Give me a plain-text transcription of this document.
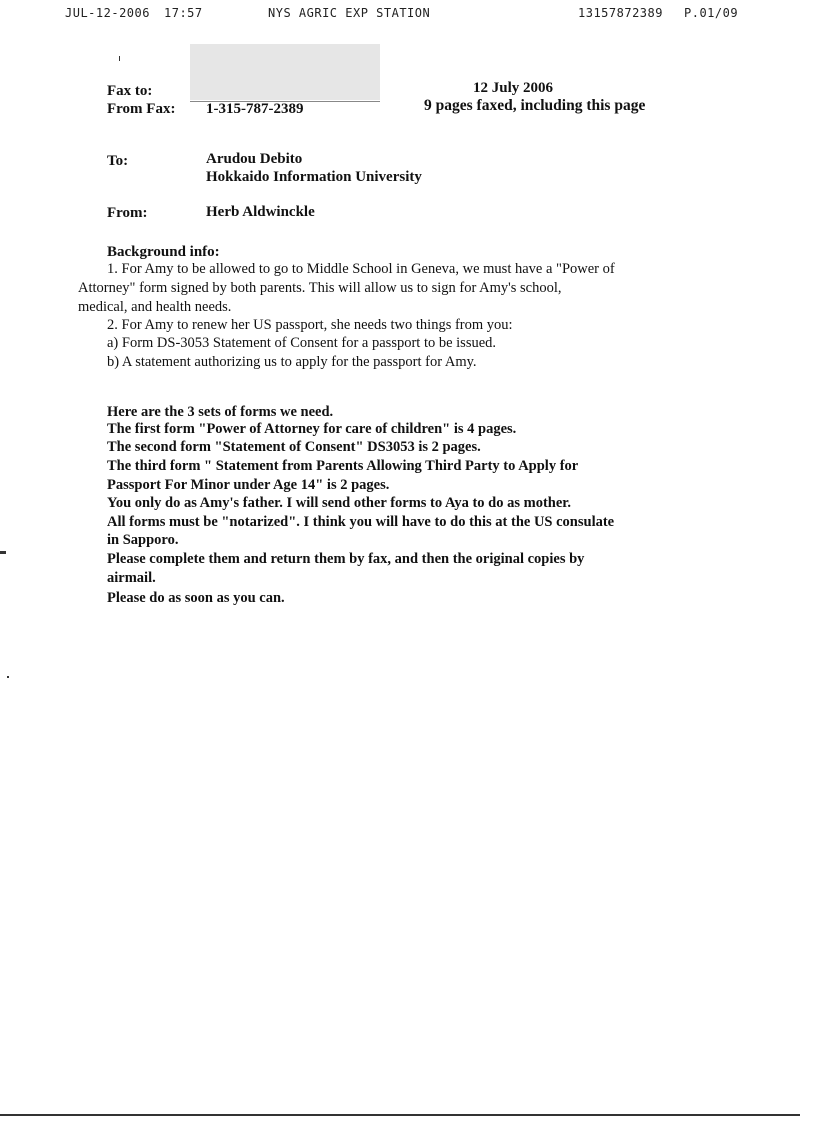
JUL-12-2006 17:57	NYS AGRIC EXP STATION	13157872389 P.01/09
Fax to:
From Fax: 1-315-787-2389
12 July 2006
9 pages faxed, including this page
To:	Arudou Debito
Hokkaido Information University
From:	Herb Aldwinckle
Background info:
1. For Amy to be allowed to go to Middle School in Geneva, we must have a "Power of
Attorney" form signed by both parents. This will allow us to sign for Amy's school,
medical, and health needs.
2. For Amy to renew her US passport, she needs two things from you:
a) Form DS-3053 Statement of Consent for a passport to be issued.
b) A statement authorizing us to apply for the passport for Amy.
Here are the 3 sets of forms we need.
The first form "Power of Attorney for care of children" is 4 pages.
The second form "Statement of Consent" DS3053 is 2 pages.
The third form " Statement from Parents Allowing Third Party to Apply for
Passport For Minor under Age 14" is 2 pages.
You only do as Amy's father. I will send other forms to Aya to do as mother.
All forms must be "notarized". I think you will have to do this at the US consulate
in Sapporo.
Please complete them and return them by fax, and then the original copies by
airmail.
Please do as soon as you can.
